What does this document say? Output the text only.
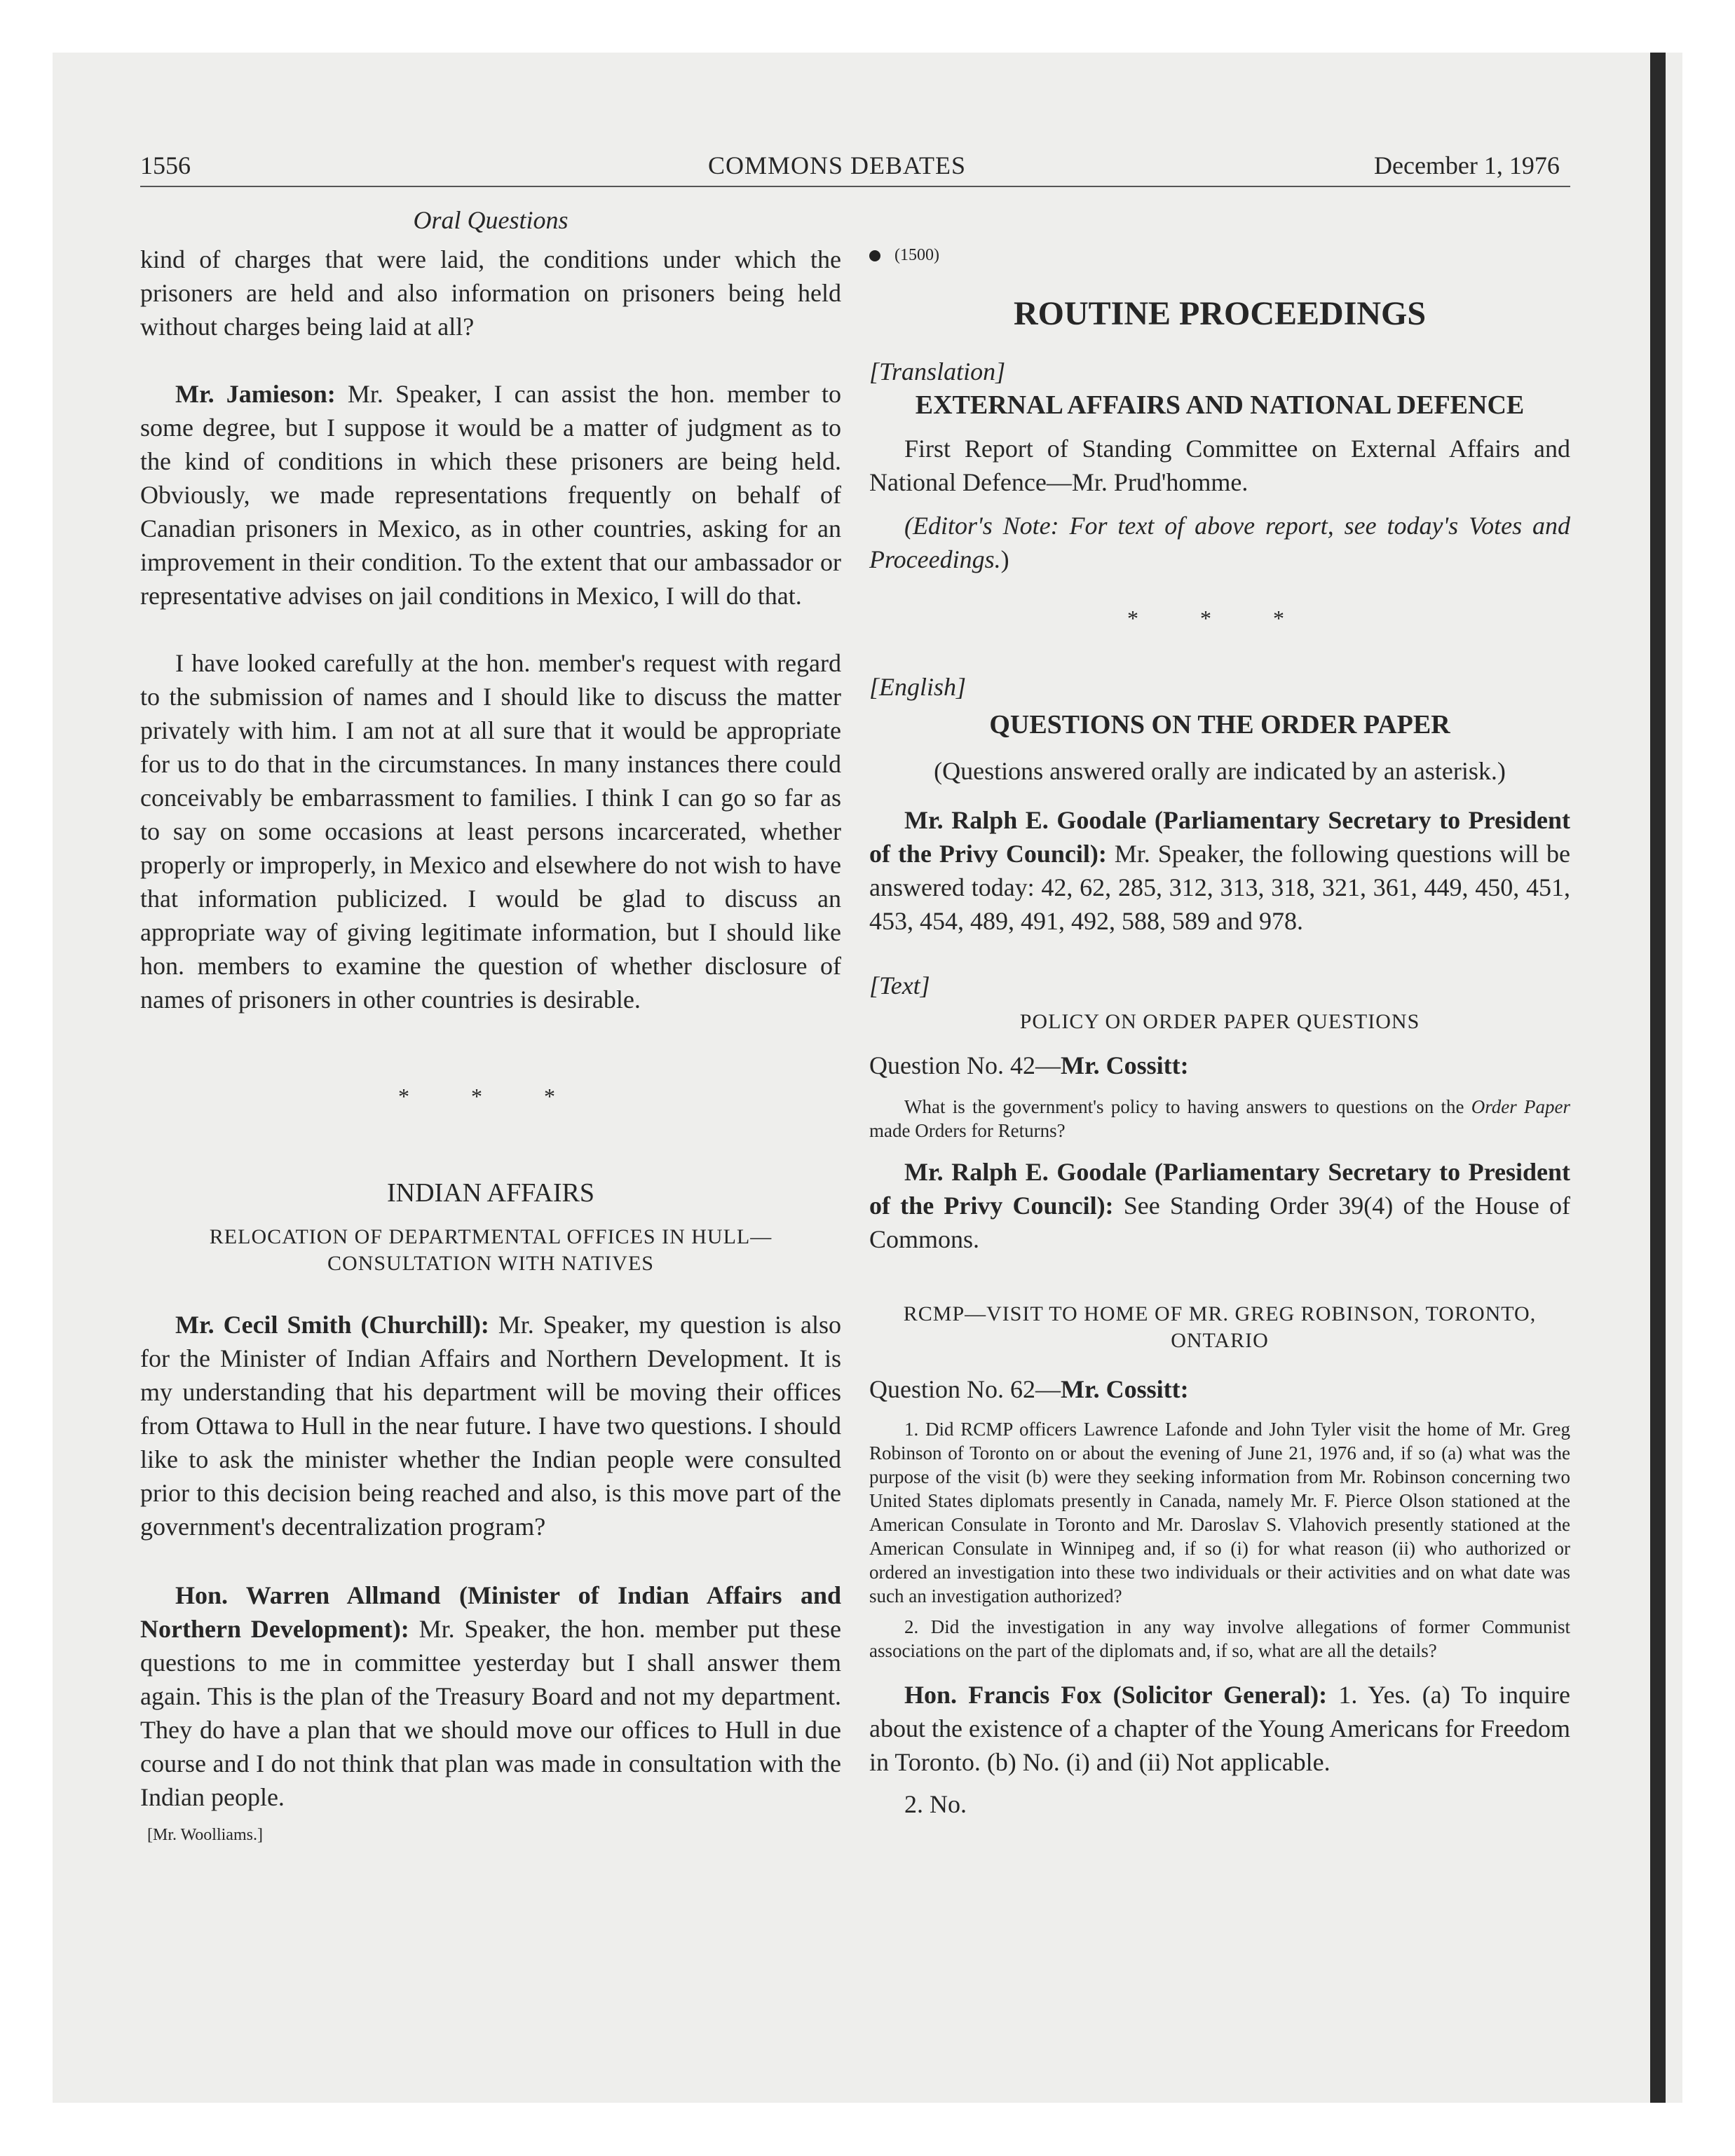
1556	COMMONS DEBATES	December 1, 1976
Oral Questions

kind of charges that were laid, the conditions under which the prisoners are held and also information on prisoners being held without charges being laid at all?

Mr. Jamieson: Mr. Speaker, I can assist the hon. member to some degree, but I suppose it would be a matter of judgment as to the kind of conditions in which these prisoners are being held. Obviously, we made representations frequently on behalf of Canadian prisoners in Mexico, as in other countries, asking for an improvement in their condition. To the extent that our ambassador or representative advises on jail conditions in Mexico, I will do that.

I have looked carefully at the hon. member's request with regard to the submission of names and I should like to discuss the matter privately with him. I am not at all sure that it would be appropriate for us to do that in the circumstances. In many instances there could conceivably be embarrassment to families. I think I can go so far as to say on some occasions at least persons incarcerated, whether properly or improperly, in Mexico and elsewhere do not wish to have that information publicized. I would be glad to discuss an appropriate way of giving legitimate information, but I should like hon. members to examine the question of whether disclosure of names of prisoners in other countries is desirable.

* * *
INDIAN AFFAIRS
RELOCATION OF DEPARTMENTAL OFFICES IN HULL— CONSULTATION WITH NATIVES

Mr. Cecil Smith (Churchill): Mr. Speaker, my question is also for the Minister of Indian Affairs and Northern Development. It is my understanding that his department will be moving their offices from Ottawa to Hull in the near future. I have two questions. I should like to ask the minister whether the Indian people were consulted prior to this decision being reached and also, is this move part of the government's decentralization program?

Hon. Warren Allmand (Minister of Indian Affairs and Northern Development): Mr. Speaker, the hon. member put these questions to me in committee yesterday but I shall answer them again. This is the plan of the Treasury Board and not my department. They do have a plan that we should move our offices to Hull in due course and I do not think that plan was made in consultation with the Indian people.

[Mr. Woolliams.]
(1500)
ROUTINE PROCEEDINGS
[Translation]
EXTERNAL AFFAIRS AND NATIONAL DEFENCE

First Report of Standing Committee on External Affairs and National Defence—Mr. Prud'homme.

(Editor's Note: For text of above report, see today's Votes and Proceedings.)

* * *
[English]
QUESTIONS ON THE ORDER PAPER
(Questions answered orally are indicated by an asterisk.)

Mr. Ralph E. Goodale (Parliamentary Secretary to President of the Privy Council): Mr. Speaker, the following questions will be answered today: 42, 62, 285, 312, 313, 318, 321, 361, 449, 450, 451, 453, 454, 489, 491, 492, 588, 589 and 978.

[Text]
POLICY ON ORDER PAPER QUESTIONS
Question No. 42—Mr. Cossitt:

What is the government's policy to having answers to questions on the Order Paper made Orders for Returns?

Mr. Ralph E. Goodale (Parliamentary Secretary to President of the Privy Council): See Standing Order 39(4) of the House of Commons.

RCMP—VISIT TO HOME OF MR. GREG ROBINSON, TORONTO, ONTARIO
Question No. 62—Mr. Cossitt:

1. Did RCMP officers Lawrence Lafonde and John Tyler visit the home of Mr. Greg Robinson of Toronto on or about the evening of June 21, 1976 and, if so (a) what was the purpose of the visit (b) were they seeking information from Mr. Robinson concerning two United States diplomats presently in Canada, namely Mr. F. Pierce Olson stationed at the American Consulate in Toronto and Mr. Daroslav S. Vlahovich presently stationed at the American Consulate in Winnipeg and, if so (i) for what reason (ii) who authorized or ordered an investigation into these two individuals or their activities and on what date was such an investigation authorized?

2. Did the investigation in any way involve allegations of former Communist associations on the part of the diplomats and, if so, what are all the details?

Hon. Francis Fox (Solicitor General): 1. Yes. (a) To inquire about the existence of a chapter of the Young Americans for Freedom in Toronto. (b) No. (i) and (ii) Not applicable.

2. No.
